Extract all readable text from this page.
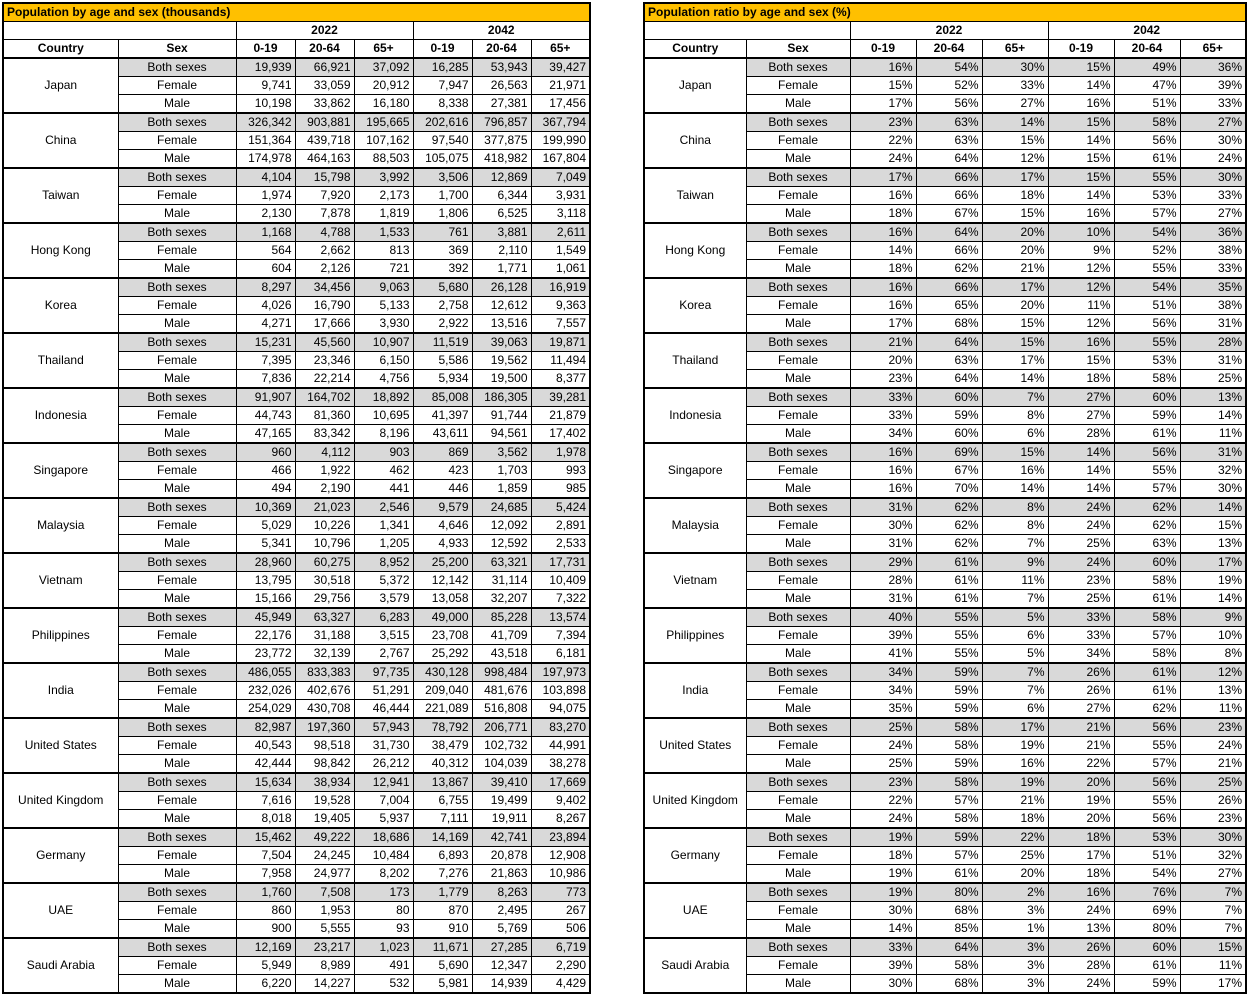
Population by age and sex (thousands)							
		2022			2042		
Country	Sex	0-19	20-64	65+	0-19	20-64	65+
Japan	Both sexes	19,939	66,921	37,092	16,285	53,943	39,427
	Female	9,741	33,059	20,912	7,947	26,563	21,971
	Male	10,198	33,862	16,180	8,338	27,381	17,456
China	Both sexes	326,342	903,881	195,665	202,616	796,857	367,794
	Female	151,364	439,718	107,162	97,540	377,875	199,990
	Male	174,978	464,163	88,503	105,075	418,982	167,804
Taiwan	Both sexes	4,104	15,798	3,992	3,506	12,869	7,049
	Female	1,974	7,920	2,173	1,700	6,344	3,931
	Male	2,130	7,878	1,819	1,806	6,525	3,118
Hong Kong	Both sexes	1,168	4,788	1,533	761	3,881	2,611
	Female	564	2,662	813	369	2,110	1,549
	Male	604	2,126	721	392	1,771	1,061
Korea	Both sexes	8,297	34,456	9,063	5,680	26,128	16,919
	Female	4,026	16,790	5,133	2,758	12,612	9,363
	Male	4,271	17,666	3,930	2,922	13,516	7,557
Thailand	Both sexes	15,231	45,560	10,907	11,519	39,063	19,871
	Female	7,395	23,346	6,150	5,586	19,562	11,494
	Male	7,836	22,214	4,756	5,934	19,500	8,377
Indonesia	Both sexes	91,907	164,702	18,892	85,008	186,305	39,281
	Female	44,743	81,360	10,695	41,397	91,744	21,879
	Male	47,165	83,342	8,196	43,611	94,561	17,402
Singapore	Both sexes	960	4,112	903	869	3,562	1,978
	Female	466	1,922	462	423	1,703	993
	Male	494	2,190	441	446	1,859	985
Malaysia	Both sexes	10,369	21,023	2,546	9,579	24,685	5,424
	Female	5,029	10,226	1,341	4,646	12,092	2,891
	Male	5,341	10,796	1,205	4,933	12,592	2,533
Vietnam	Both sexes	28,960	60,275	8,952	25,200	63,321	17,731
	Female	13,795	30,518	5,372	12,142	31,114	10,409
	Male	15,166	29,756	3,579	13,058	32,207	7,322
Philippines	Both sexes	45,949	63,327	6,283	49,000	85,228	13,574
	Female	22,176	31,188	3,515	23,708	41,709	7,394
	Male	23,772	32,139	2,767	25,292	43,518	6,181
India	Both sexes	486,055	833,383	97,735	430,128	998,484	197,973
	Female	232,026	402,676	51,291	209,040	481,676	103,898
	Male	254,029	430,708	46,444	221,089	516,808	94,075
United States	Both sexes	82,987	197,360	57,943	78,792	206,771	83,270
	Female	40,543	98,518	31,730	38,479	102,732	44,991
	Male	42,444	98,842	26,212	40,312	104,039	38,278
United Kingdom	Both sexes	15,634	38,934	12,941	13,867	39,410	17,669
	Female	7,616	19,528	7,004	6,755	19,499	9,402
	Male	8,018	19,405	5,937	7,111	19,911	8,267
Germany	Both sexes	15,462	49,222	18,686	14,169	42,741	23,894
	Female	7,504	24,245	10,484	6,893	20,878	12,908
	Male	7,958	24,977	8,202	7,276	21,863	10,986
UAE	Both sexes	1,760	7,508	173	1,779	8,263	773
	Female	860	1,953	80	870	2,495	267
	Male	900	5,555	93	910	5,769	506
Saudi Arabia	Both sexes	12,169	23,217	1,023	11,671	27,285	6,719
	Female	5,949	8,989	491	5,690	12,347	2,290
	Male	6,220	14,227	532	5,981	14,939	4,429
Population ratio by age and sex (%)							
		2022			2042		
Country	Sex	0-19	20-64	65+	0-19	20-64	65+
Japan	Both sexes	16%	54%	30%	15%	49%	36%
	Female	15%	52%	33%	14%	47%	39%
	Male	17%	56%	27%	16%	51%	33%
China	Both sexes	23%	63%	14%	15%	58%	27%
	Female	22%	63%	15%	14%	56%	30%
	Male	24%	64%	12%	15%	61%	24%
Taiwan	Both sexes	17%	66%	17%	15%	55%	30%
	Female	16%	66%	18%	14%	53%	33%
	Male	18%	67%	15%	16%	57%	27%
Hong Kong	Both sexes	16%	64%	20%	10%	54%	36%
	Female	14%	66%	20%	9%	52%	38%
	Male	18%	62%	21%	12%	55%	33%
Korea	Both sexes	16%	66%	17%	12%	54%	35%
	Female	16%	65%	20%	11%	51%	38%
	Male	17%	68%	15%	12%	56%	31%
Thailand	Both sexes	21%	64%	15%	16%	55%	28%
	Female	20%	63%	17%	15%	53%	31%
	Male	23%	64%	14%	18%	58%	25%
Indonesia	Both sexes	33%	60%	7%	27%	60%	13%
	Female	33%	59%	8%	27%	59%	14%
	Male	34%	60%	6%	28%	61%	11%
Singapore	Both sexes	16%	69%	15%	14%	56%	31%
	Female	16%	67%	16%	14%	55%	32%
	Male	16%	70%	14%	14%	57%	30%
Malaysia	Both sexes	31%	62%	8%	24%	62%	14%
	Female	30%	62%	8%	24%	62%	15%
	Male	31%	62%	7%	25%	63%	13%
Vietnam	Both sexes	29%	61%	9%	24%	60%	17%
	Female	28%	61%	11%	23%	58%	19%
	Male	31%	61%	7%	25%	61%	14%
Philippines	Both sexes	40%	55%	5%	33%	58%	9%
	Female	39%	55%	6%	33%	57%	10%
	Male	41%	55%	5%	34%	58%	8%
India	Both sexes	34%	59%	7%	26%	61%	12%
	Female	34%	59%	7%	26%	61%	13%
	Male	35%	59%	6%	27%	62%	11%
United States	Both sexes	25%	58%	17%	21%	56%	23%
	Female	24%	58%	19%	21%	55%	24%
	Male	25%	59%	16%	22%	57%	21%
United Kingdom	Both sexes	23%	58%	19%	20%	56%	25%
	Female	22%	57%	21%	19%	55%	26%
	Male	24%	58%	18%	20%	56%	23%
Germany	Both sexes	19%	59%	22%	18%	53%	30%
	Female	18%	57%	25%	17%	51%	32%
	Male	19%	61%	20%	18%	54%	27%
UAE	Both sexes	19%	80%	2%	16%	76%	7%
	Female	30%	68%	3%	24%	69%	7%
	Male	14%	85%	1%	13%	80%	7%
Saudi Arabia	Both sexes	33%	64%	3%	26%	60%	15%
	Female	39%	58%	3%	28%	61%	11%
	Male	30%	68%	3%	24%	59%	17%
